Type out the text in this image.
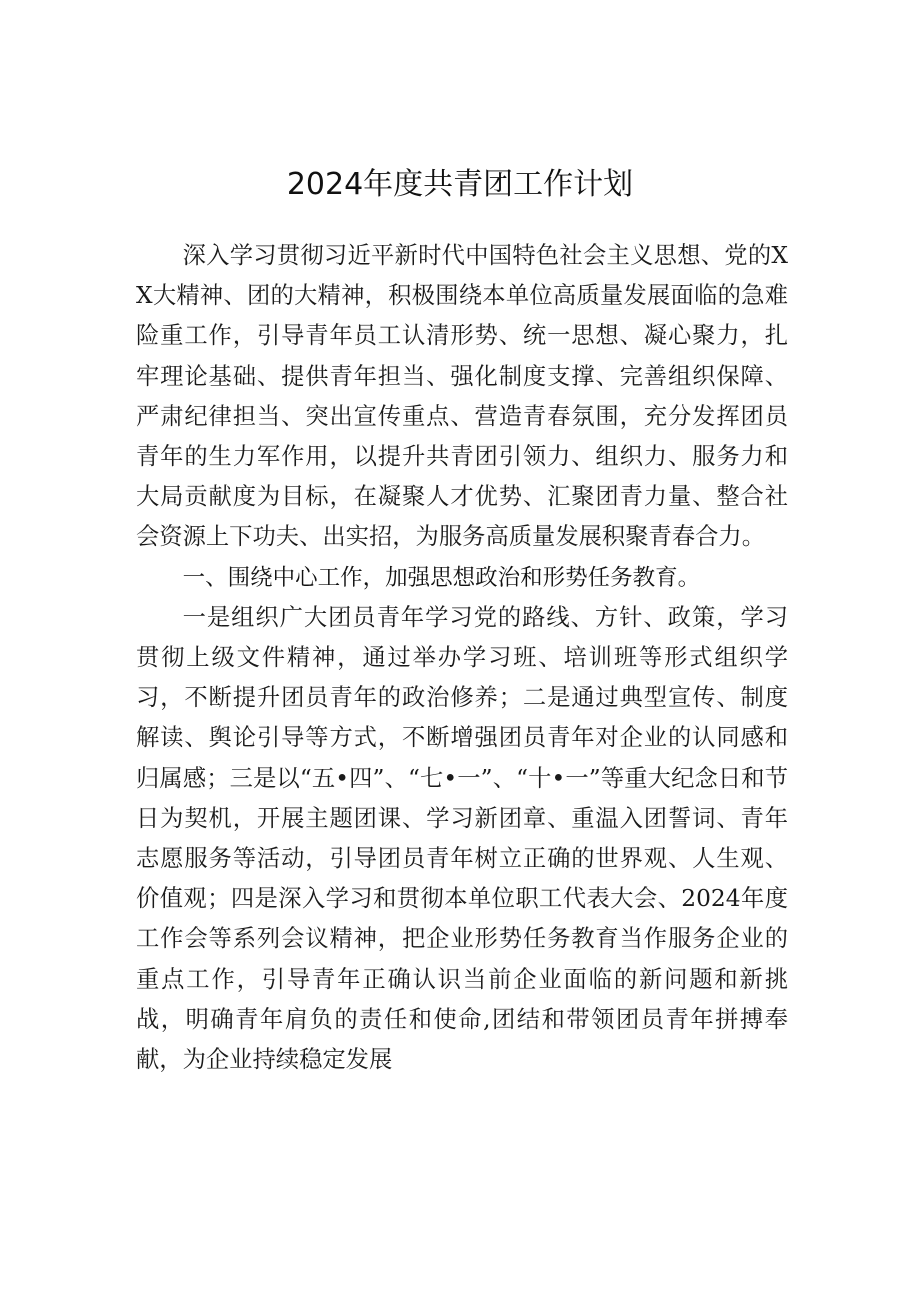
2024年度共青团工作计划

深入学习贯彻习近平新时代中国特色社会主义思想、党的XX大精神、团的大精神，积极围绕本单位高质量发展面临的急难险重工作，引导青年员工认清形势、统一思想、凝心聚力，扎牢理论基础、提供青年担当、强化制度支撑、完善组织保障、严肃纪律担当、突出宣传重点、营造青春氛围，充分发挥团员青年的生力军作用，以提升共青团引领力、组织力、服务力和大局贡献度为目标，在凝聚人才优势、汇聚团青力量、整合社会资源上下功夫、出实招，为服务高质量发展积聚青春合力。

一、围绕中心工作，加强思想政治和形势任务教育。

一是组织广大团员青年学习党的路线、方针、政策，学习贯彻上级文件精神，通过举办学习班、培训班等形式组织学习，不断提升团员青年的政治修养；二是通过典型宣传、制度解读、舆论引导等方式，不断增强团员青年对企业的认同感和归属感；三是以“五•四”、“七•一”、“十•一”等重大纪念日和节日为契机，开展主题团课、学习新团章、重温入团誓词、青年志愿服务等活动，引导团员青年树立正确的世界观、人生观、价值观；四是深入学习和贯彻本单位职工代表大会、2024年度工作会等系列会议精神，把企业形势任务教育当作服务企业的重点工作，引导青年正确认识当前企业面临的新问题和新挑战，明确青年肩负的责任和使命,团结和带领团员青年拼搏奉献，为企业持续稳定发展
